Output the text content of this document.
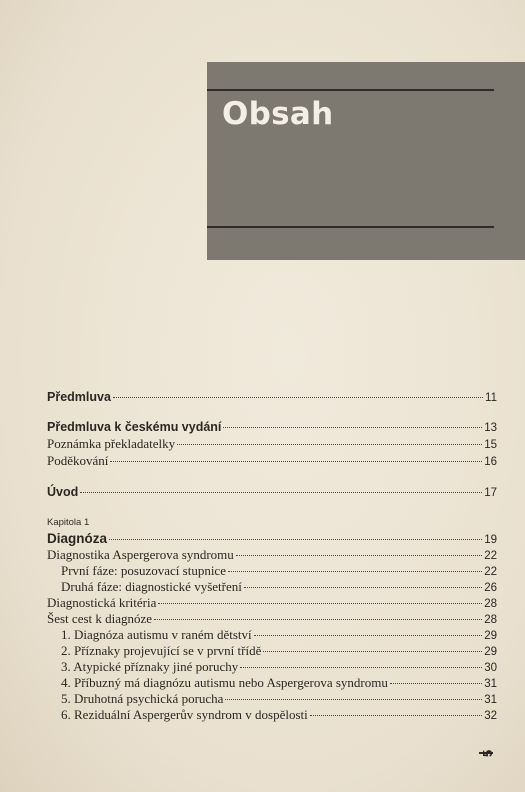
Obsah
Předmluva	11
Předmluva k českému vydání	13
Poznámka překladatelky	15
Poděkování	16
Úvod	17
Kapitola 1
Diagnóza	19
Diagnostika Aspergerova syndromu	22
První fáze: posuzovací stupnice	22
Druhá fáze: diagnostické vyšetření	26
Diagnostická kritéria	28
Šest cest k diagnóze	28
1. Diagnóza autismu v raném dětství	29
2. Příznaky projevující se v první třídě	29
3. Atypické příznaky jiné poruchy	30
4. Příbuzný má diagnózu autismu nebo Aspergerova syndromu	31
5. Druhotná psychická porucha	31
6. Reziduální Aspergerův syndrom v dospělosti	32
5
